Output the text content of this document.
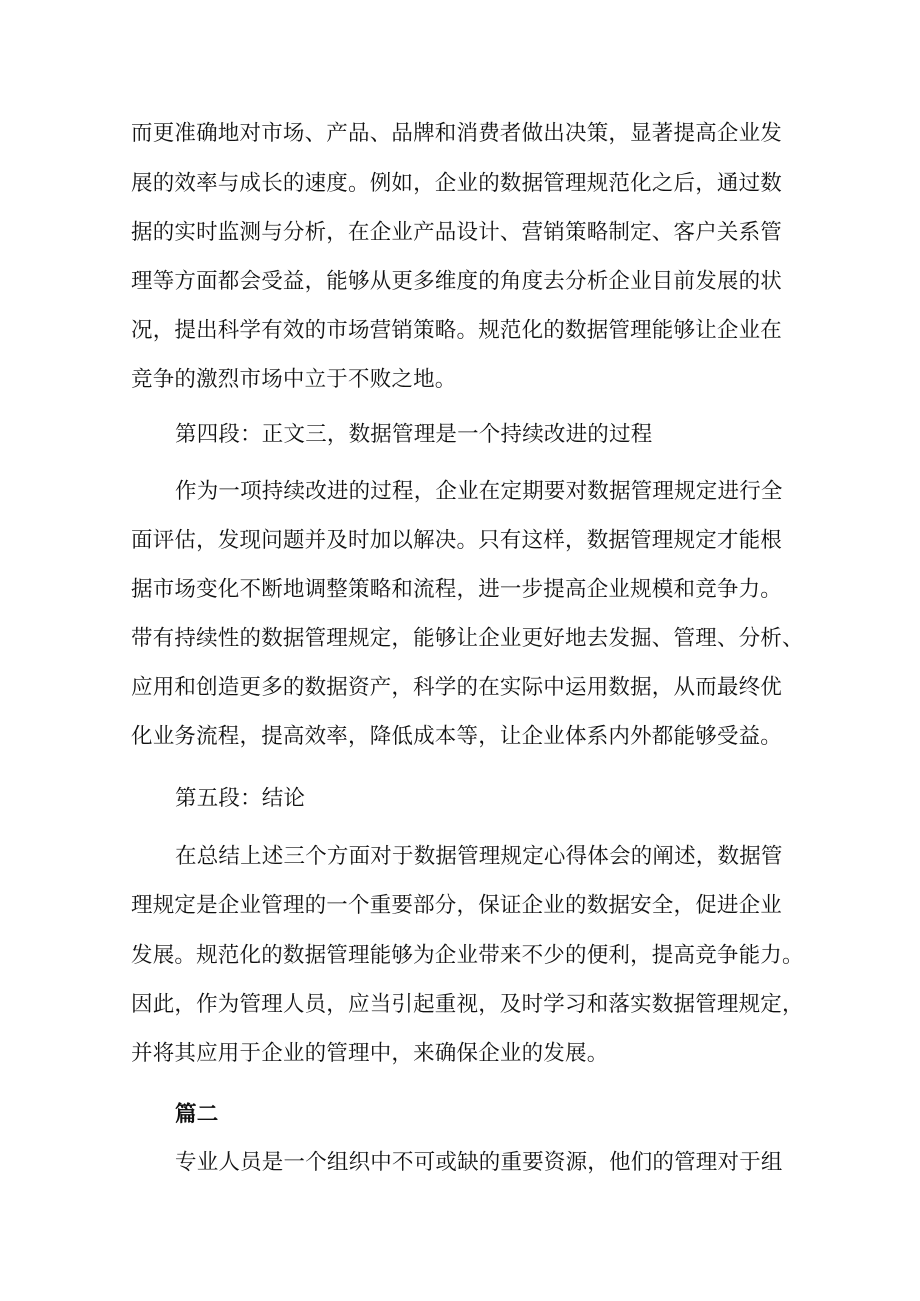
而更准确地对市场、产品、品牌和消费者做出决策，显著提高企业发
展的效率与成长的速度。例如，企业的数据管理规范化之后，通过数
据的实时监测与分析，在企业产品设计、营销策略制定、客户关系管
理等方面都会受益，能够从更多维度的角度去分析企业目前发展的状
况，提出科学有效的市场营销策略。规范化的数据管理能够让企业在
竞争的激烈市场中立于不败之地。
第四段：正文三，数据管理是一个持续改进的过程
作为一项持续改进的过程，企业在定期要对数据管理规定进行全
面评估，发现问题并及时加以解决。只有这样，数据管理规定才能根
据市场变化不断地调整策略和流程，进一步提高企业规模和竞争力。
带有持续性的数据管理规定，能够让企业更好地去发掘、管理、分析、
应用和创造更多的数据资产，科学的在实际中运用数据，从而最终优
化业务流程，提高效率，降低成本等，让企业体系内外都能够受益。
第五段：结论
在总结上述三个方面对于数据管理规定心得体会的阐述，数据管
理规定是企业管理的一个重要部分，保证企业的数据安全，促进企业
发展。规范化的数据管理能够为企业带来不少的便利，提高竞争能力。
因此，作为管理人员，应当引起重视，及时学习和落实数据管理规定，
并将其应用于企业的管理中，来确保企业的发展。
篇二
专业人员是一个组织中不可或缺的重要资源，他们的管理对于组
